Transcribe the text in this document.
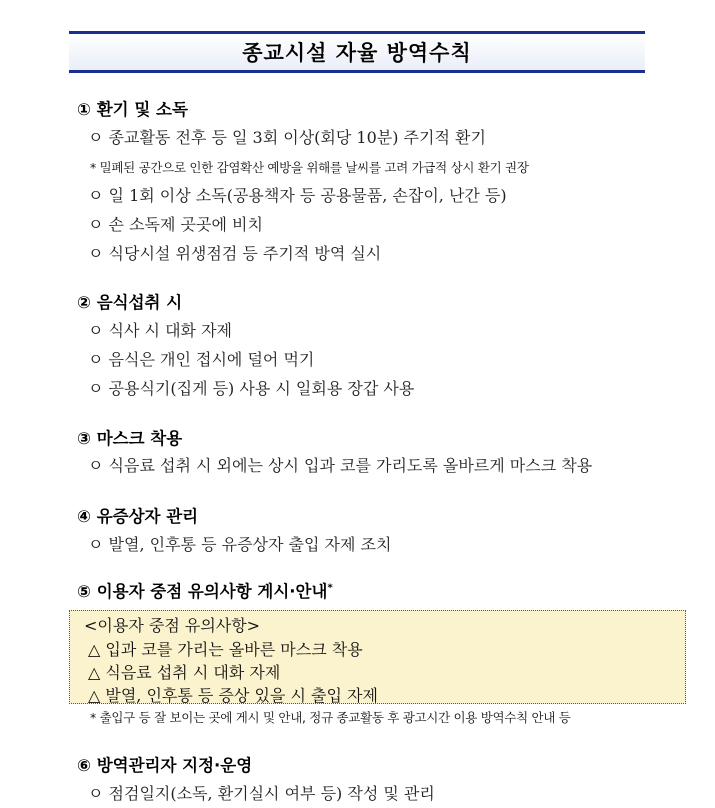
종교시설 자율 방역수칙
① 환기 및 소독
ㅇ 종교활동 전후 등 일 3회 이상(회당 10분) 주기적 환기
* 밀폐된 공간으로 인한 감염확산 예방을 위해를 날씨를 고려 가급적 상시 환기 권장
ㅇ 일 1회 이상 소독(공용책자 등 공용물품, 손잡이, 난간 등)
ㅇ 손 소독제 곳곳에 비치
ㅇ 식당시설 위생점검 등 주기적 방역 실시
② 음식섭취 시
ㅇ 식사 시 대화 자제
ㅇ 음식은 개인 접시에 덜어 먹기
ㅇ 공용식기(집게 등) 사용 시 일회용 장갑 사용
③ 마스크 착용
ㅇ 식음료 섭취 시 외에는 상시 입과 코를 가리도록 올바르게 마스크 착용
④ 유증상자 관리
ㅇ 발열, 인후통 등 유증상자 출입 자제 조치
⑤ 이용자 중점 유의사항 게시·안내*
<이용자 중점 유의사항>
△ 입과 코를 가리는 올바른 마스크 착용
△ 식음료 섭취 시 대화 자제
△ 발열, 인후통 등 증상 있을 시 출입 자제
* 출입구 등 잘 보이는 곳에 게시 및 안내, 정규 종교활동 후 광고시간 이용 방역수칙 안내 등
⑥ 방역관리자 지정·운영
ㅇ 점검일지(소독, 환기실시 여부 등) 작성 및 관리
